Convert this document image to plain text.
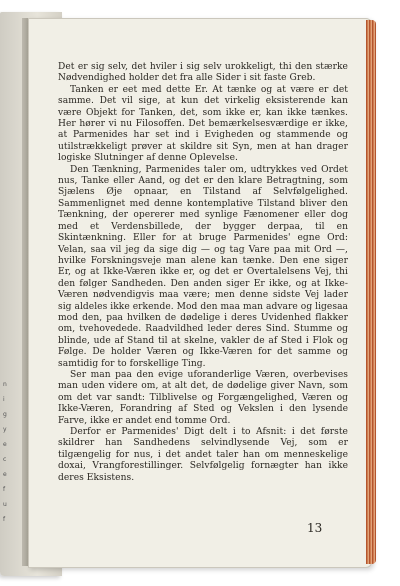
n
i
g
y
e
c
e
f
u
f

Det er sig selv, det hviler i sig selv urokkeligt, thi den stærke Nødvendighed holder det fra alle Sider i sit faste Greb.

Tanken er eet med dette Er. At tænke og at være er det samme. Det vil sige, at kun det virkelig eksisterende kan være Objekt for Tanken, det, som ikke er, kan ikke tænkes. Her hører vi nu Filosoffen. Det bemærkelsesværdige er ikke, at Parmenides har set ind i Evigheden og stammende og utilstrækkeligt prøver at skildre sit Syn, men at han drager logiske Slutninger af denne Oplevelse.

Den Tænkning, Parmenides taler om, udtrykkes ved Ordet nus, Tanke eller Aand, og det er den klare Betragtning, som Sjælens Øje opnaar, en Tilstand af Selvfølgelighed. Sammenlignet med denne kontemplative Tilstand bliver den Tænkning, der opererer med synlige Fænomener eller dog med et Verdensbillede, der bygger derpaa, til en Skintænkning. Eller for at bruge Parmenides' egne Ord: Velan, saa vil jeg da sige dig — og tag Vare paa mit Ord —, hvilke Forskningsveje man alene kan tænke. Den ene siger Er, og at Ikke-Væren ikke er, og det er Overtalelsens Vej, thi den følger Sandheden. Den anden siger Er ikke, og at Ikke-Væren nødvendigvis maa være; men denne sidste Vej lader sig aldeles ikke erkende. Mod den maa man advare og ligesaa mod den, paa hvilken de dødelige i deres Uvidenhed flakker om, tvehovedede. Raadvildhed leder deres Sind. Stumme og blinde, ude af Stand til at skelne, vakler de af Sted i Flok og Følge. De holder Væren og Ikke-Væren for det samme og samtidig for to forskellige Ting.

Ser man paa den evige uforanderlige Væren, overbevises man uden videre om, at alt det, de dødelige giver Navn, som om det var sandt: Tilblivelse og Forgængelighed, Væren og Ikke-Væren, Forandring af Sted og Vekslen i den lysende Farve, ikke er andet end tomme Ord.

Derfor er Parmenides' Digt delt i to Afsnit: i det første skildrer han Sandhedens selvindlysende Vej, som er tilgængelig for nus, i det andet taler han om menneskelige doxai, Vrangforestillinger. Selvfølgelig fornægter han ikke deres Eksistens.

13
